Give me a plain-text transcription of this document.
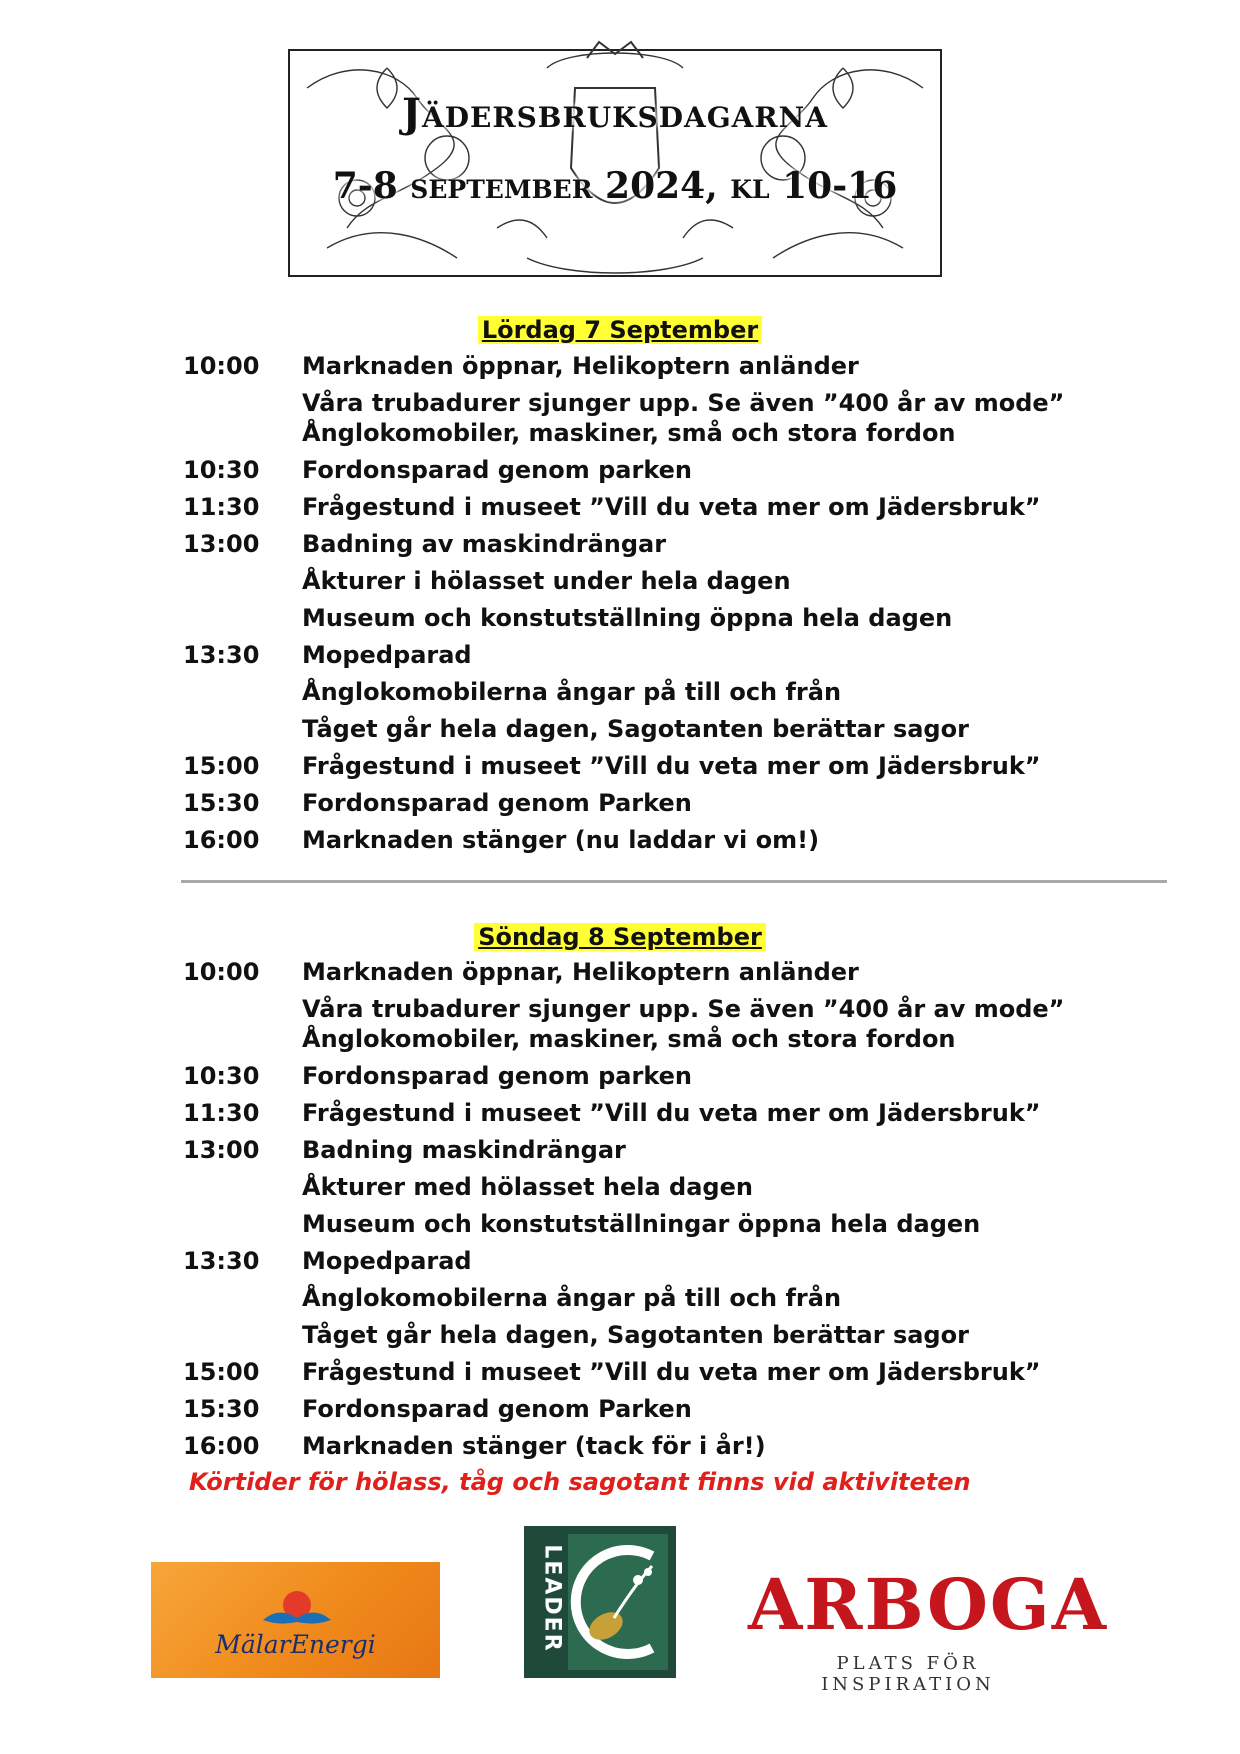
Jädersbruksdagarna
7-8 september 2024, kl 10-16
Lördag 7 September
10:00 Marknaden öppnar, Helikoptern anländer
Våra trubadurer sjunger upp. Se även ”400 år av mode”
Ånglokomobiler, maskiner, små och stora fordon
10:30 Fordonsparad genom parken
11:30 Frågestund i museet ”Vill du veta mer om Jädersbruk”
13:00 Badning av maskindrängar
Åkturer i hölasset under hela dagen
Museum och konstutställning öppna hela dagen
13:30 Mopedparad
Ånglokomobilerna ångar på till och från
Tåget går hela dagen, Sagotanten berättar sagor
15:00 Frågestund i museet ”Vill du veta mer om Jädersbruk”
15:30 Fordonsparad genom Parken
16:00 Marknaden stänger (nu laddar vi om!)
Söndag 8 September
10:00 Marknaden öppnar, Helikoptern anländer
Våra trubadurer sjunger upp. Se även ”400 år av mode”
Ånglokomobiler, maskiner, små och stora fordon
10:30 Fordonsparad genom parken
11:30 Frågestund i museet ”Vill du veta mer om Jädersbruk”
13:00 Badning maskindrängar
Åkturer med hölasset hela dagen
Museum och konstutställningar öppna hela dagen
13:30 Mopedparad
Ånglokomobilerna ångar på till och från
Tåget går hela dagen, Sagotanten berättar sagor
15:00 Frågestund i museet ”Vill du veta mer om Jädersbruk”
15:30 Fordonsparad genom Parken
16:00 Marknaden stänger (tack för i år!)
Körtider för hölass, tåg och sagotant finns vid aktiviteten
MälarEnergi	LEADER	ARBOGA
PLATS FÖR INSPIRATION
